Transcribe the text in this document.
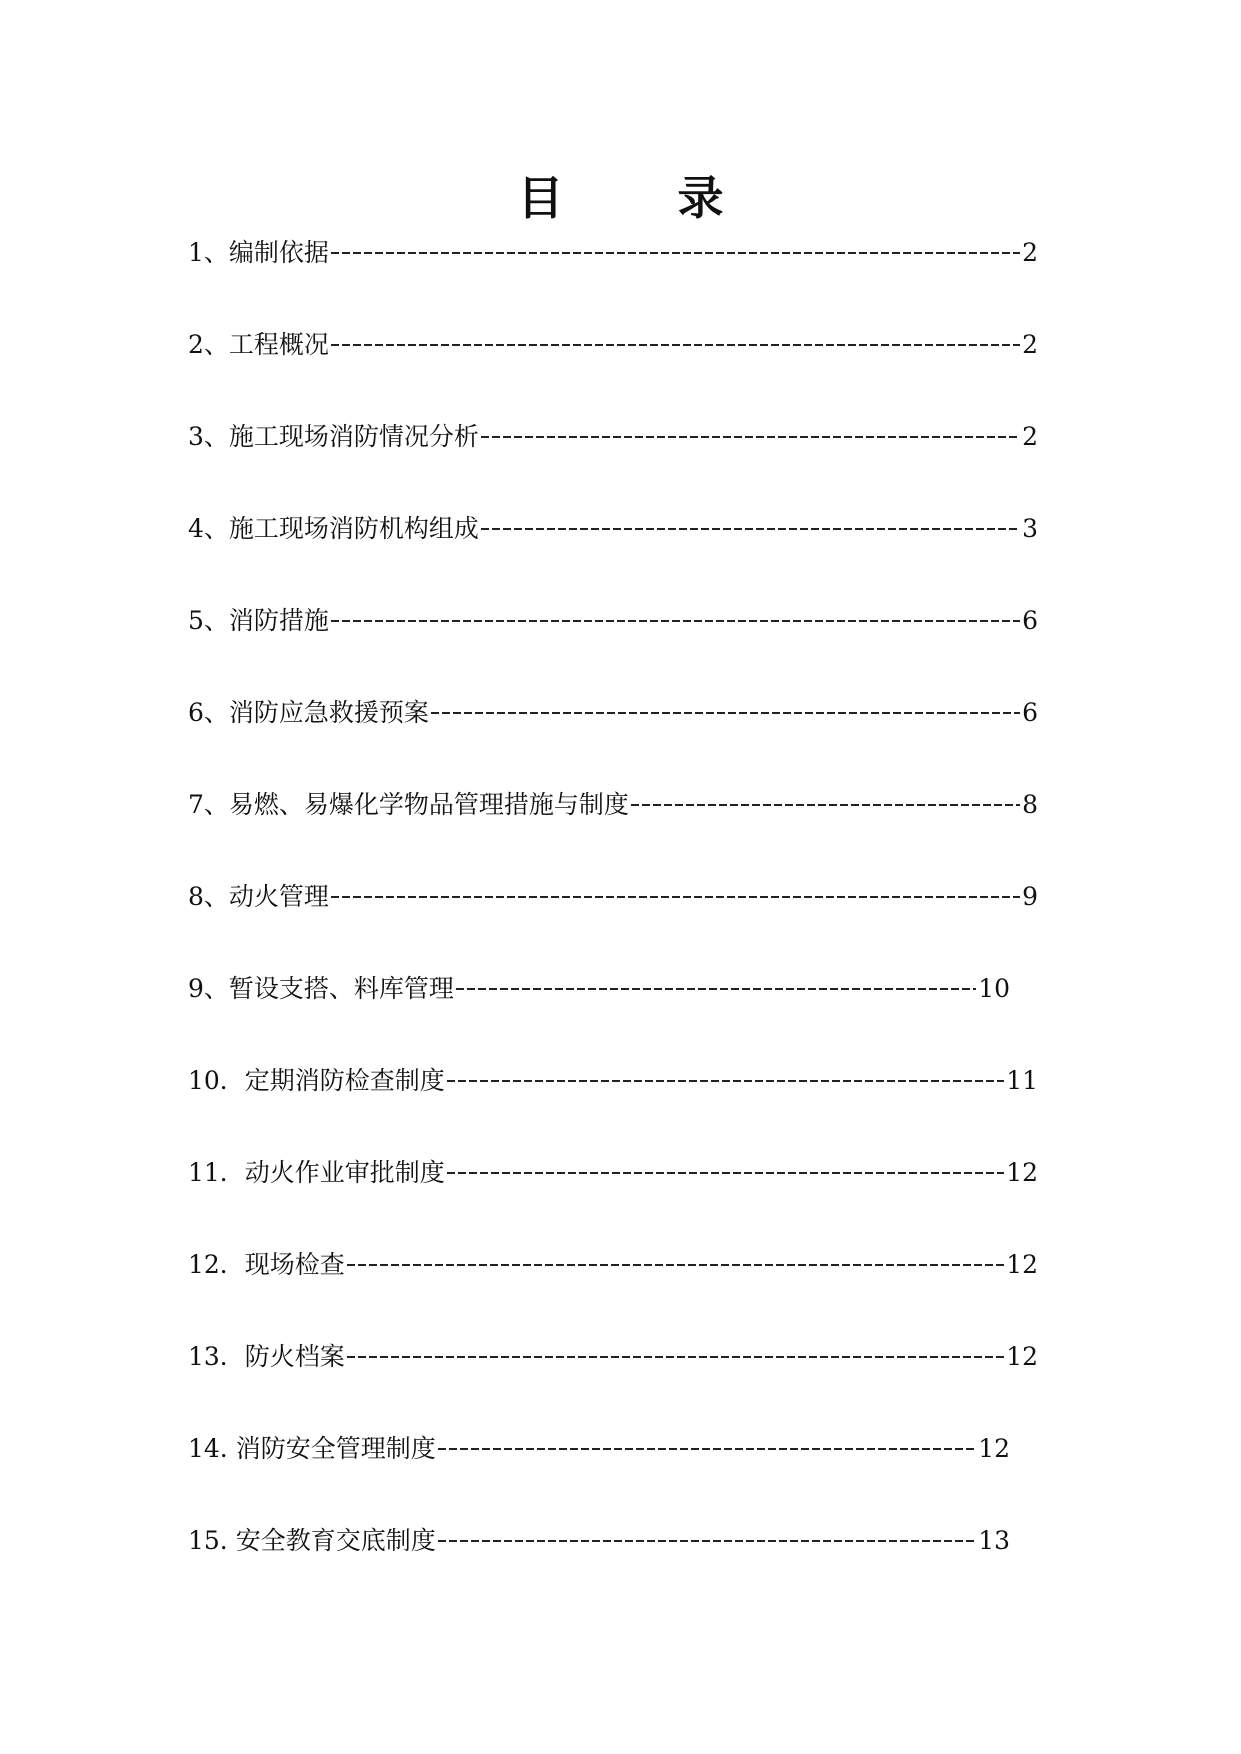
目　录
1、编制依据	2
2、工程概况	2
3、施工现场消防情况分析	2
4、施工现场消防机构组成	3
5、消防措施	6
6、消防应急救援预案	6
7、易燃、易爆化学物品管理措施与制度	8
8、动火管理	9
9、暂设支搭、料库管理	10
10．定期消防检查制度	11
11．动火作业审批制度	12
12．现场检查	12
13．防火档案	12
14. 消防安全管理制度	12
15. 安全教育交底制度	13
